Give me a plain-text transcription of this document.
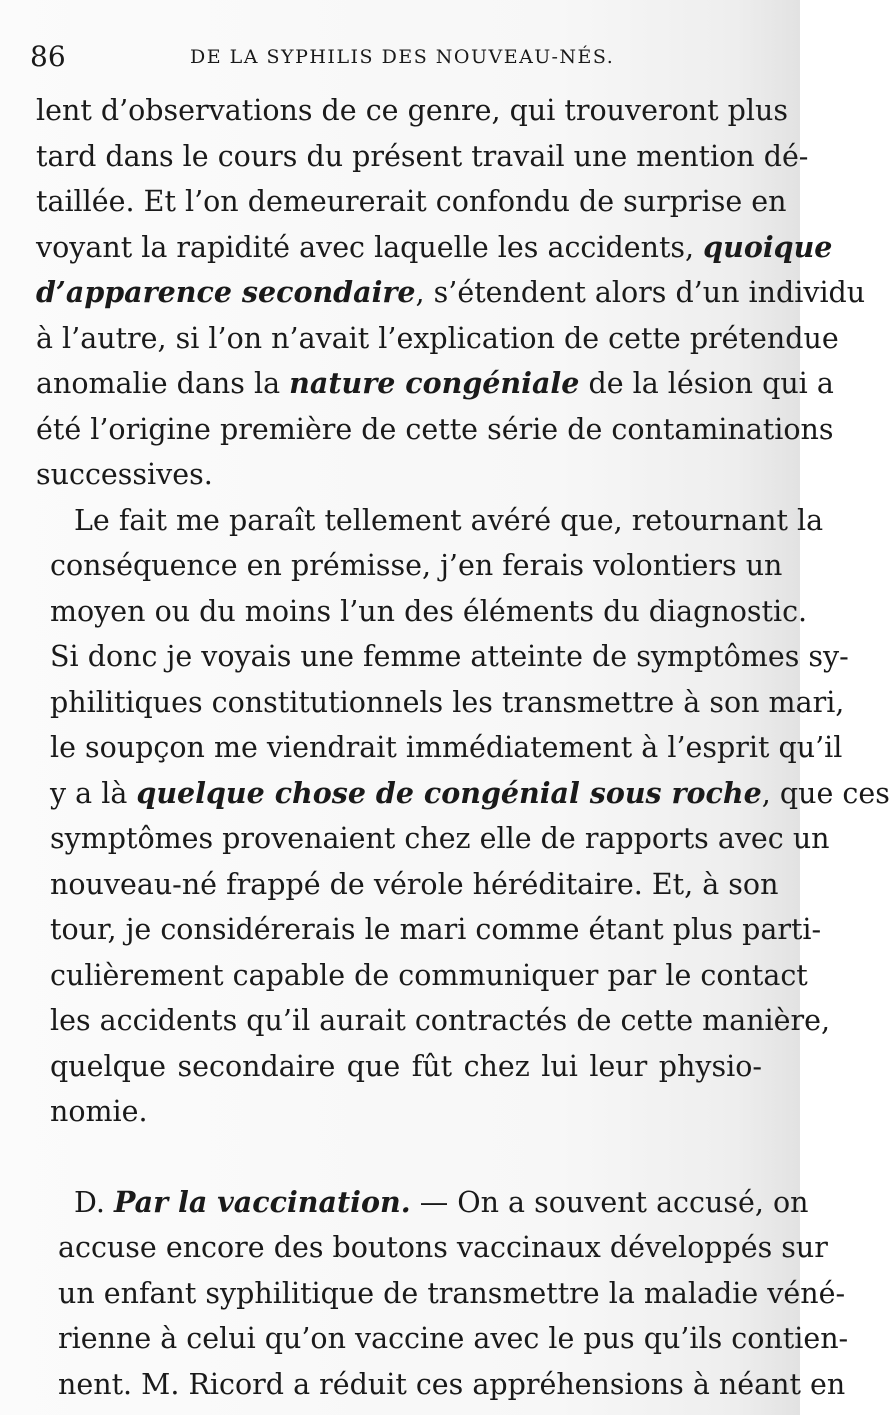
86	DE LA SYPHILIS DES NOUVEAU-NÉS.
lent d’observations de ce genre, qui trouveront plus
tard dans le cours du présent travail une mention dé-
taillée. Et l’on demeurerait confondu de surprise en
voyant la rapidité avec laquelle les accidents, quoique
d’apparence secondaire, s’étendent alors d’un individu
à l’autre, si l’on n’avait l’explication de cette prétendue
anomalie dans la nature congéniale de la lésion qui a
été l’origine première de cette série de contaminations
successives.
Le fait me paraît tellement avéré que, retournant la
conséquence en prémisse, j’en ferais volontiers un
moyen ou du moins l’un des éléments du diagnostic.
Si donc je voyais une femme atteinte de symptômes sy-
philitiques constitutionnels les transmettre à son mari,
le soupçon me viendrait immédiatement à l’esprit qu’il
y a là quelque chose de congénial sous roche, que ces
symptômes provenaient chez elle de rapports avec un
nouveau-né frappé de vérole héréditaire. Et, à son
tour, je considérerais le mari comme étant plus parti-
culièrement capable de communiquer par le contact
les accidents qu’il aurait contractés de cette manière,
quelque secondaire que fût chez lui leur physio-
nomie.
D. Par la vaccination. — On a souvent accusé, on
accuse encore des boutons vaccinaux développés sur
un enfant syphilitique de transmettre la maladie véné-
rienne à celui qu’on vaccine avec le pus qu’ils contien-
nent. M. Ricord a réduit ces appréhensions à néant en
